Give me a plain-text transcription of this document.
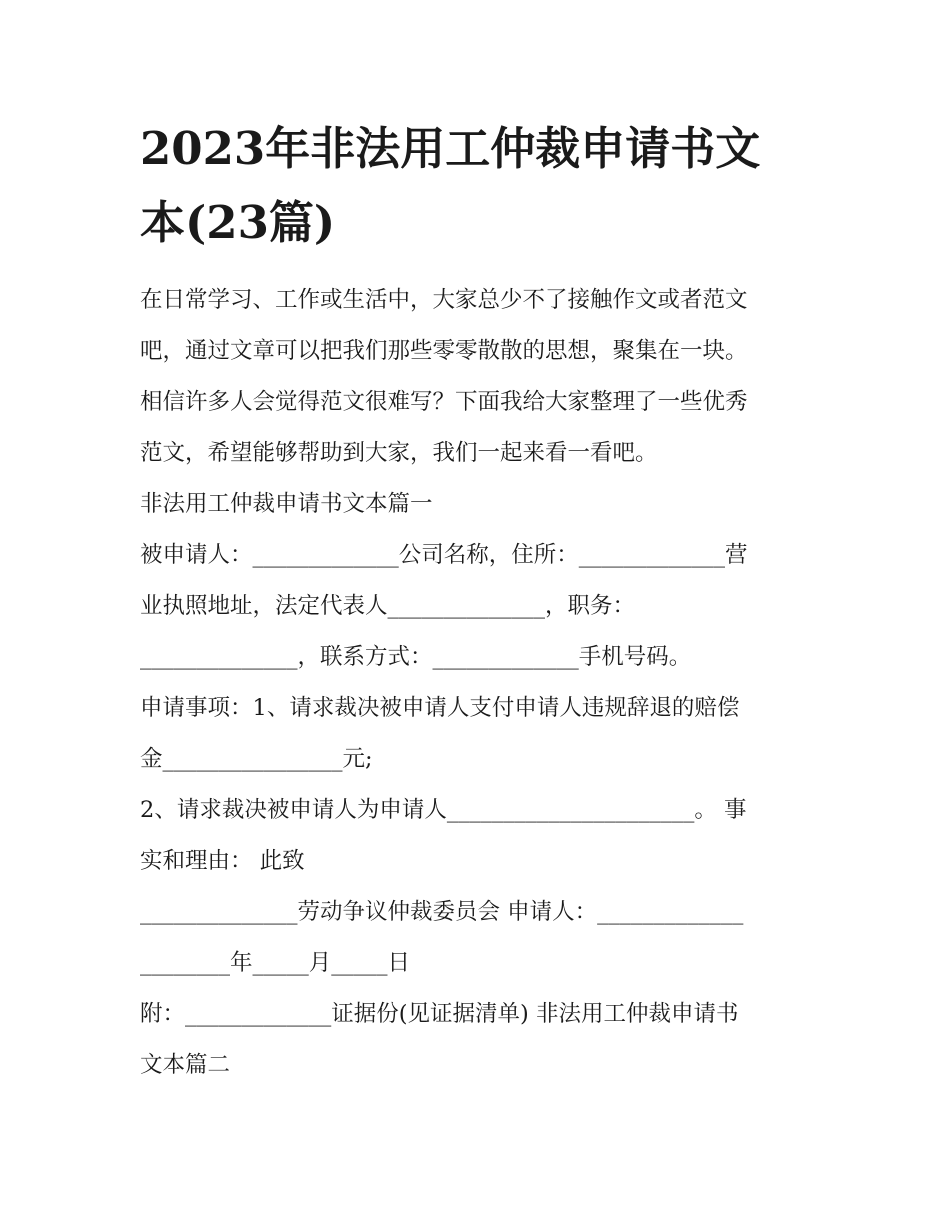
2023年非法用工仲裁申请书文
本(23篇)

在日常学习、工作或生活中，大家总少不了接触作文或者范文
吧，通过文章可以把我们那些零零散散的思想，聚集在一块。
相信许多人会觉得范文很难写？下面我给大家整理了一些优秀
范文，希望能够帮助到大家，我们一起来看一看吧。

非法用工仲裁申请书文本篇一

被申请人：_____________公司名称，住所：_____________营
业执照地址，法定代表人______________，职务：
______________，联系方式：_____________手机号码。

申请事项：1、请求裁决被申请人支付申请人违规辞退的赔偿
金________________元;

2、请求裁决被申请人为申请人______________________。 事
实和理由： 此致

______________劳动争议仲裁委员会 申请人：_____________
________年_____月_____日

附：_____________证据份(见证据清单) 非法用工仲裁申请书
文本篇二
